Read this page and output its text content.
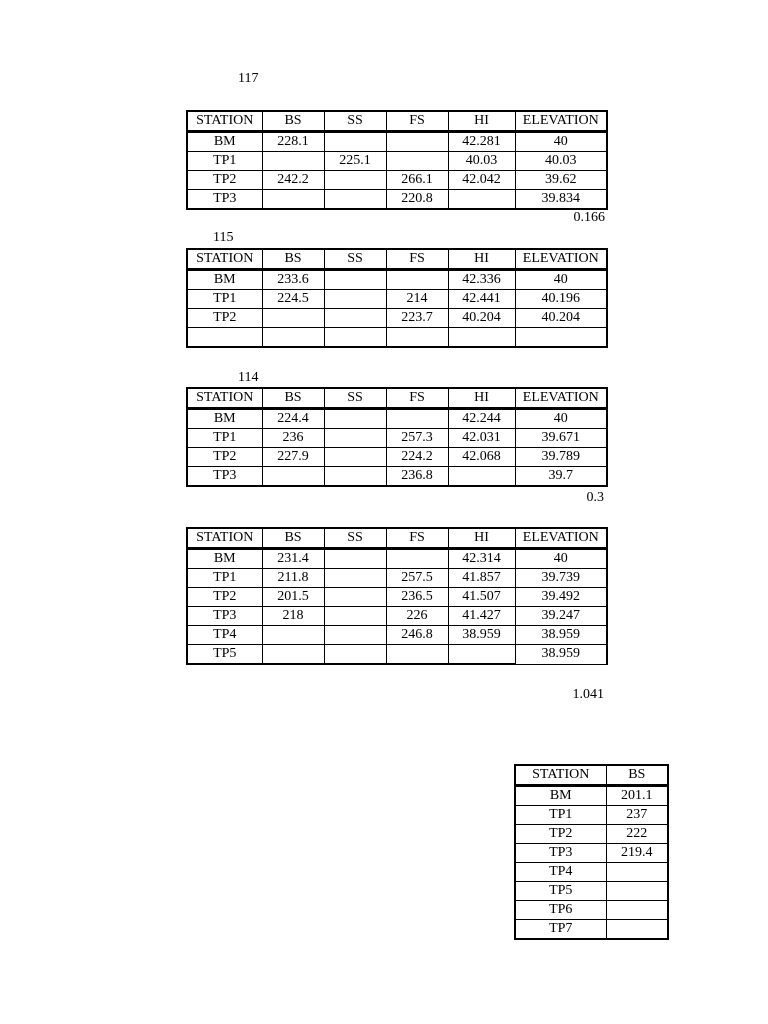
117
STATION	BS	SS	FS	HI	ELEVATION
BM	228.1			42.281	40
TP1		225.1		40.03	40.03
TP2	242.2		266.1	42.042	39.62
TP3			220.8		39.834
0.166
115
STATION	BS	SS	FS	HI	ELEVATION
BM	233.6			42.336	40
TP1	224.5		214	42.441	40.196
TP2			223.7	40.204	40.204

114
STATION	BS	SS	FS	HI	ELEVATION
BM	224.4			42.244	40
TP1	236		257.3	42.031	39.671
TP2	227.9		224.2	42.068	39.789
TP3			236.8		39.7
0.3
STATION	BS	SS	FS	HI	ELEVATION
BM	231.4			42.314	40
TP1	211.8		257.5	41.857	39.739
TP2	201.5		236.5	41.507	39.492
TP3	218		226	41.427	39.247
TP4			246.8	38.959	38.959
TP5					38.959
1.041
STATION	BS
BM	201.1
TP1	237
TP2	222
TP3	219.4
TP4	
TP5	
TP6	
TP7	
